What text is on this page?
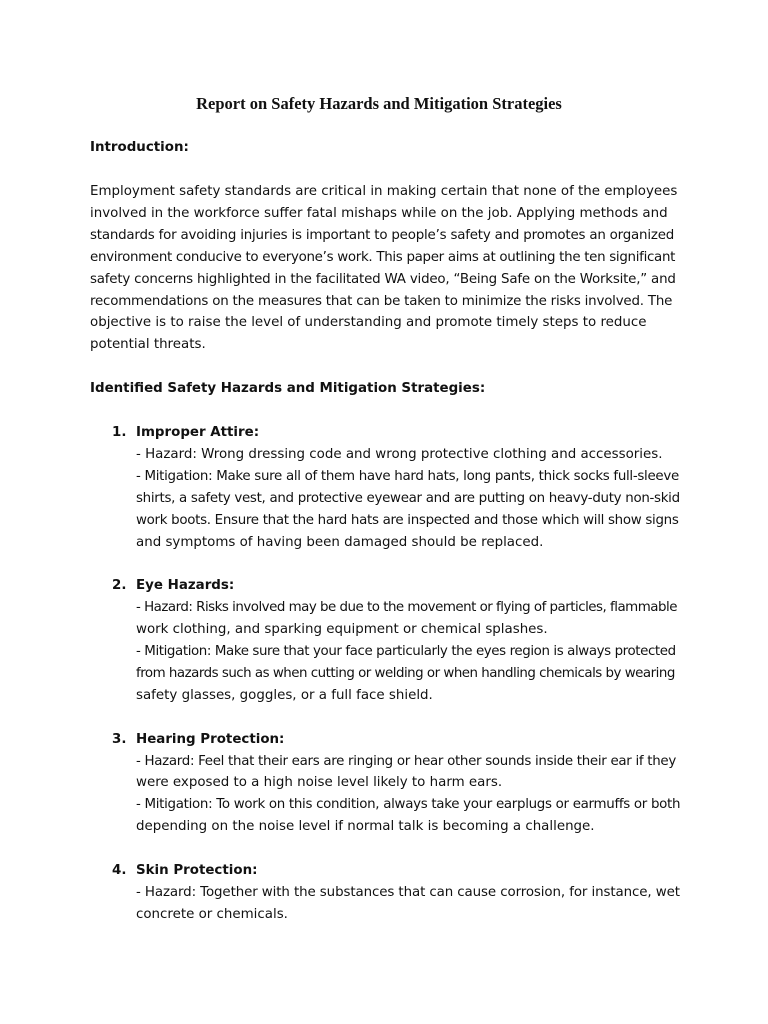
Report on Safety Hazards and Mitigation Strategies
Introduction:

Employment safety standards are critical in making certain that none of the employees
involved in the workforce suffer fatal mishaps while on the job. Applying methods and
standards for avoiding injuries is important to people’s safety and promotes an organized
environment conducive to everyone’s work. This paper aims at outlining the ten significant
safety concerns highlighted in the facilitated WA video, “Being Safe on the Worksite,” and
recommendations on the measures that can be taken to minimize the risks involved. The
objective is to raise the level of understanding and promote timely steps to reduce
potential threats.

Identified Safety Hazards and Mitigation Strategies:
1. Improper Attire:
- Hazard: Wrong dressing code and wrong protective clothing and accessories.
- Mitigation: Make sure all of them have hard hats, long pants, thick socks full-sleeve
shirts, a safety vest, and protective eyewear and are putting on heavy-duty non-skid
work boots. Ensure that the hard hats are inspected and those which will show signs
and symptoms of having been damaged should be replaced.
2. Eye Hazards:
- Hazard: Risks involved may be due to the movement or flying of particles, flammable
work clothing, and sparking equipment or chemical splashes.
- Mitigation: Make sure that your face particularly the eyes region is always protected
from hazards such as when cutting or welding or when handling chemicals by wearing
safety glasses, goggles, or a full face shield.
3. Hearing Protection:
- Hazard: Feel that their ears are ringing or hear other sounds inside their ear if they
were exposed to a high noise level likely to harm ears.
- Mitigation: To work on this condition, always take your earplugs or earmuffs or both
depending on the noise level if normal talk is becoming a challenge.
4. Skin Protection:
- Hazard: Together with the substances that can cause corrosion, for instance, wet
concrete or chemicals.
